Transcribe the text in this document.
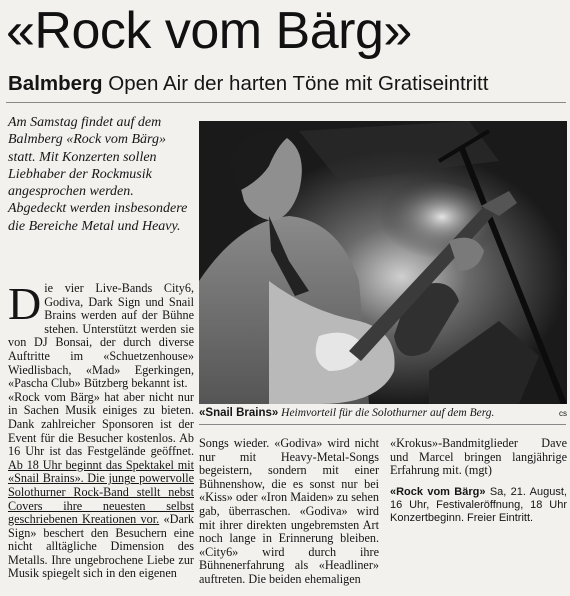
«Rock vom Bärg»
Balmberg Open Air der harten Töne mit Gratiseintritt

Am Samstag findet auf dem Balmberg «Rock vom Bärg» statt. Mit Konzerten sollen Liebhaber der Rockmusik angesprochen werden. Abgedeckt werden insbesondere die Bereiche Metal und Heavy.

«Snail Brains» Heimvorteil für die Solothurner auf dem Berg.	cs

Die vier Live-Bands City6, Godiva, Dark Sign und Snail Brains werden auf der Bühne stehen. Unterstützt werden sie von DJ Bonsai, der durch diverse Auftritte im «Schuetzenhouse» Wiedlisbach, «Mad» Egerkingen, «Pascha Club» Bützberg bekannt ist.

«Rock vom Bärg» hat aber nicht nur in Sachen Musik einiges zu bieten. Dank zahlreicher Sponsoren ist der Event für die Besucher kostenlos. Ab 16 Uhr ist das Festgelände geöffnet. Ab 18 Uhr beginnt das Spektakel mit «Snail Brains». Die junge powervolle Solothurner Rock-Band stellt nebst Covers ihre neuesten selbst geschriebenen Kreationen vor. «Dark Sign» beschert den Besuchern eine nicht alltägliche Dimension des Metalls. Ihre ungebrochene Liebe zur Musik spiegelt sich in den eigenen

Songs wieder. «Godiva» wird nicht nur mit Heavy-Metal-Songs begeistern, sondern mit einer Bühnenshow, die es sonst nur bei «Kiss» oder «Iron Maiden» zu sehen gab, überraschen. «Godiva» wird mit ihrer direkten ungebremsten Art noch lange in Erinnerung bleiben. «City6» wird durch ihre Bühnenerfahrung als «Headliner» auftreten. Die beiden ehemaligen

«Krokus»-Bandmitglieder Dave und Marcel bringen langjährige Erfahrung mit. (mgt)

«Rock vom Bärg» Sa, 21. August, 16 Uhr, Festivaleröffnung, 18 Uhr Konzertbeginn. Freier Eintritt.
